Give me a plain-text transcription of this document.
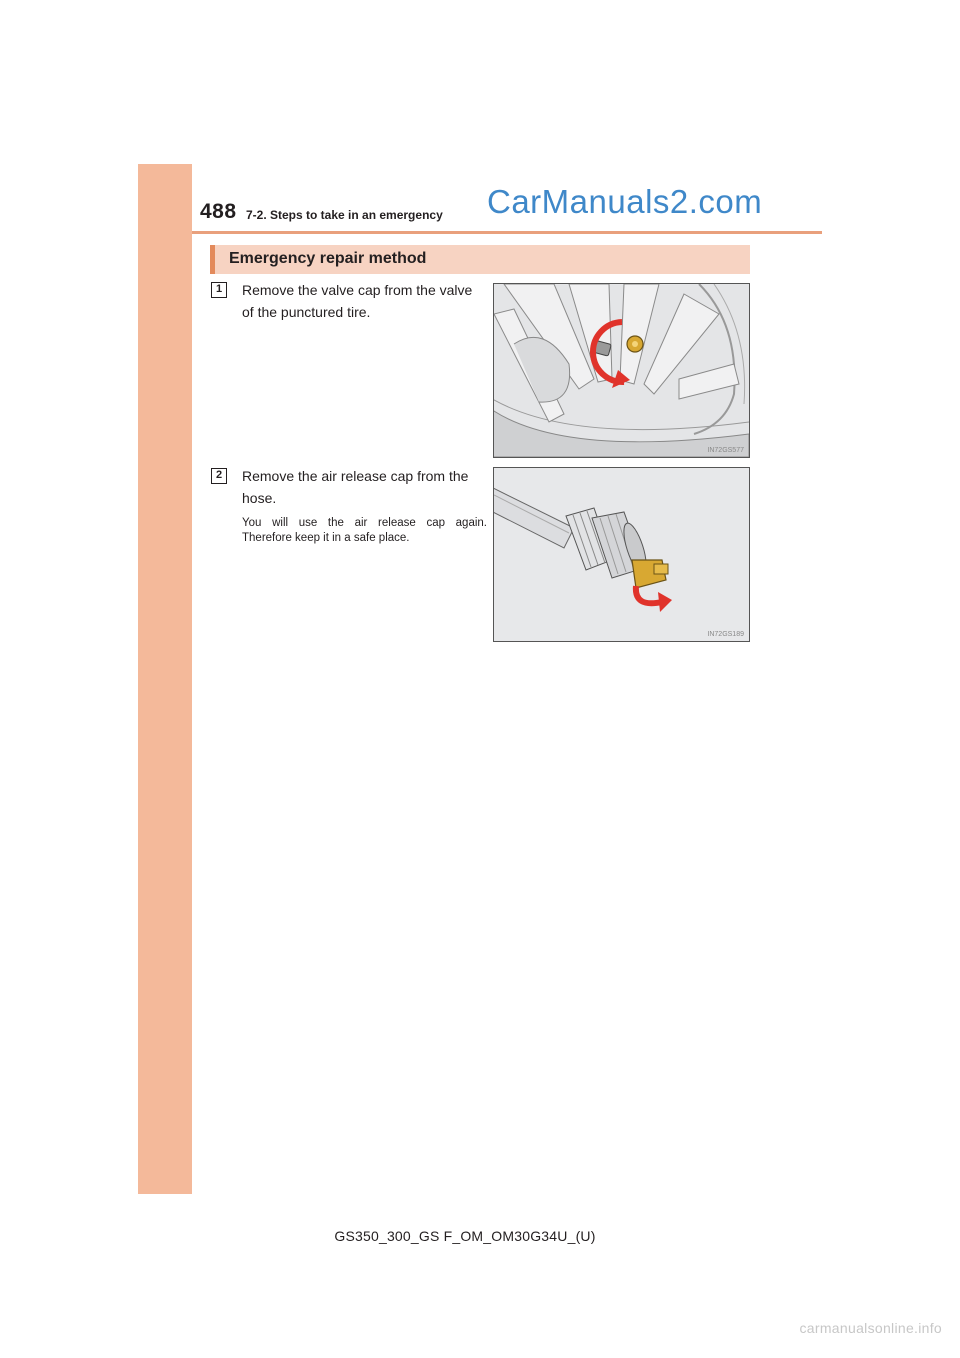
488 7-2. Steps to take in an emergency CarManuals2.com
Emergency repair method
1	Remove the valve cap from the valve of the punctured tire.
IN72GS577
2	Remove the air release cap from the hose.
You will use the air release cap again. Therefore keep it in a safe place.
IN72GS189
GS350_300_GS F_OM_OM30G34U_(U)
carmanualsonline.info
